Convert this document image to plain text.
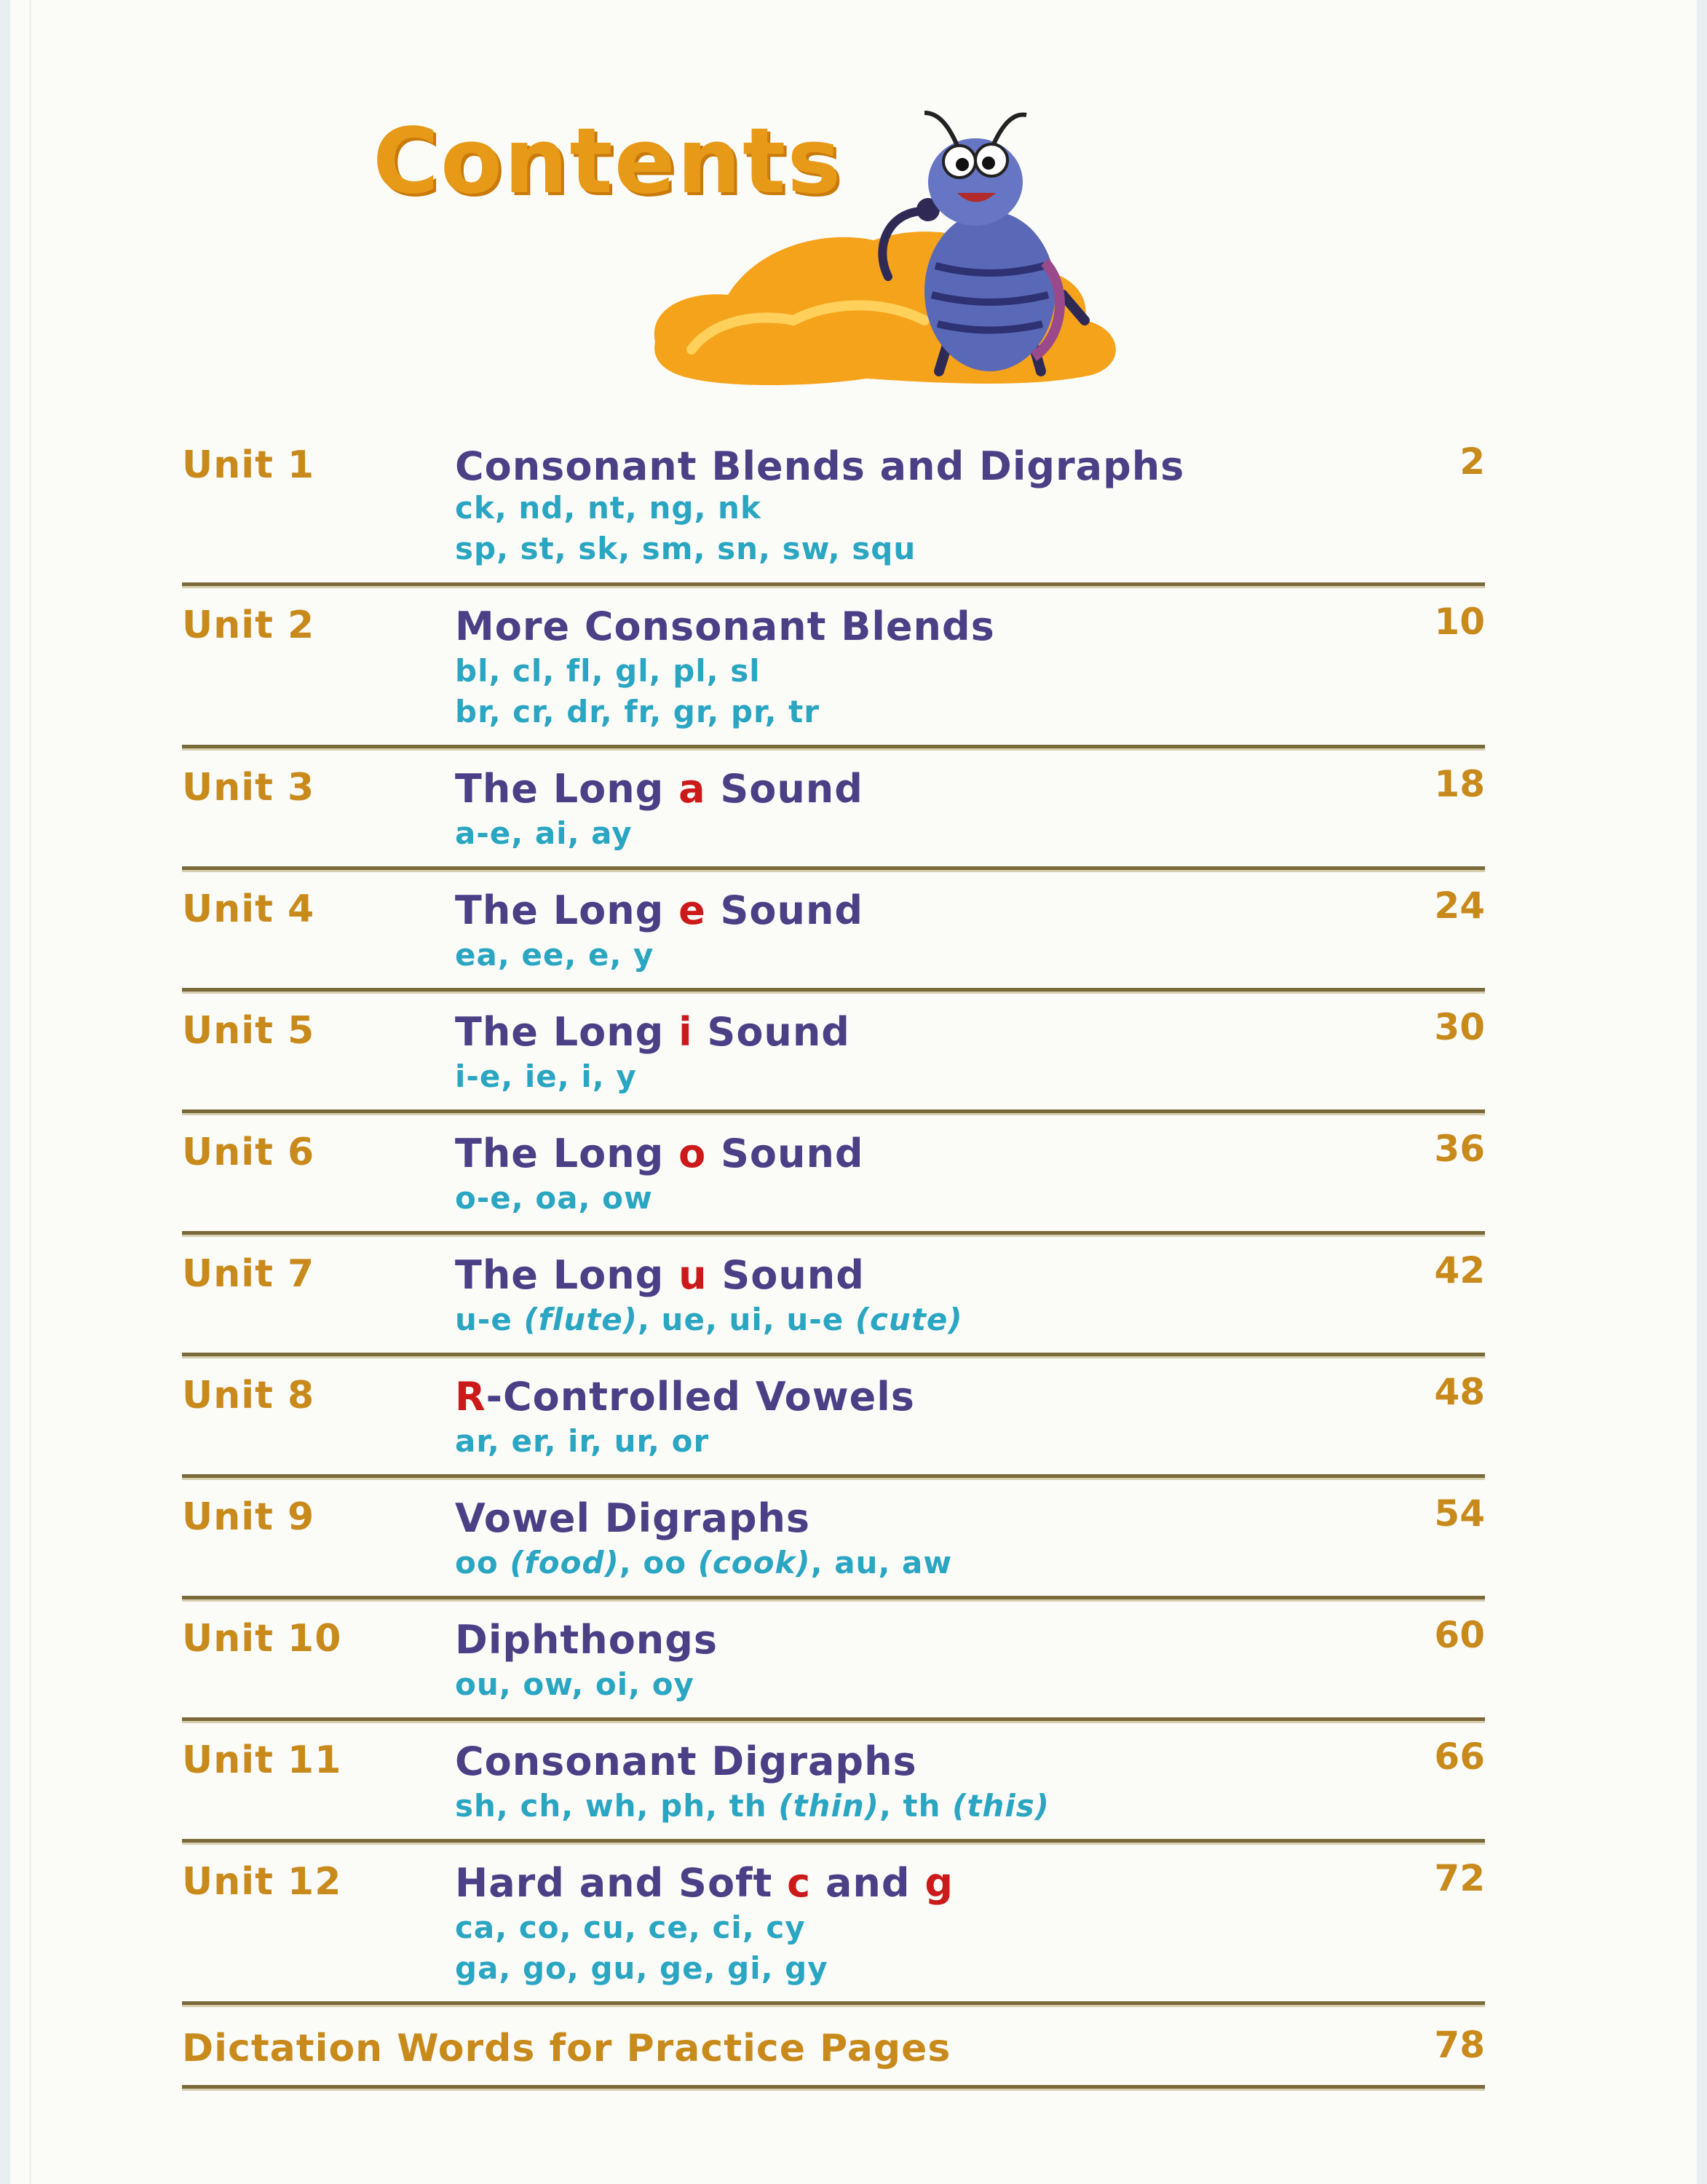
Contents
Unit 1	Consonant Blends and Digraphs
ck, nd, nt, ng, nk
sp, st, sk, sm, sn, sw, squ
2
Unit 2	More Consonant Blends
bl, cl, fl, gl, pl, sl
br, cr, dr, fr, gr, pr, tr
10
Unit 3	The Long a Sound
a-e, ai, ay
18
Unit 4	The Long e Sound
ea, ee, e, y
24
Unit 5	The Long i Sound
i-e, ie, i, y
30
Unit 6	The Long o Sound
o-e, oa, ow
36
Unit 7	The Long u Sound
u-e (flute), ue, ui, u-e (cute)
42
Unit 8	R-Controlled Vowels
ar, er, ir, ur, or
48
Unit 9	Vowel Digraphs
oo (food), oo (cook), au, aw
54
Unit 10	Diphthongs
ou, ow, oi, oy
60
Unit 11	Consonant Digraphs
sh, ch, wh, ph, th (thin), th (this)
66
Unit 12	Hard and Soft c and g
ca, co, cu, ce, ci, cy
ga, go, gu, ge, gi, gy
72
Dictation Words for Practice Pages	78
